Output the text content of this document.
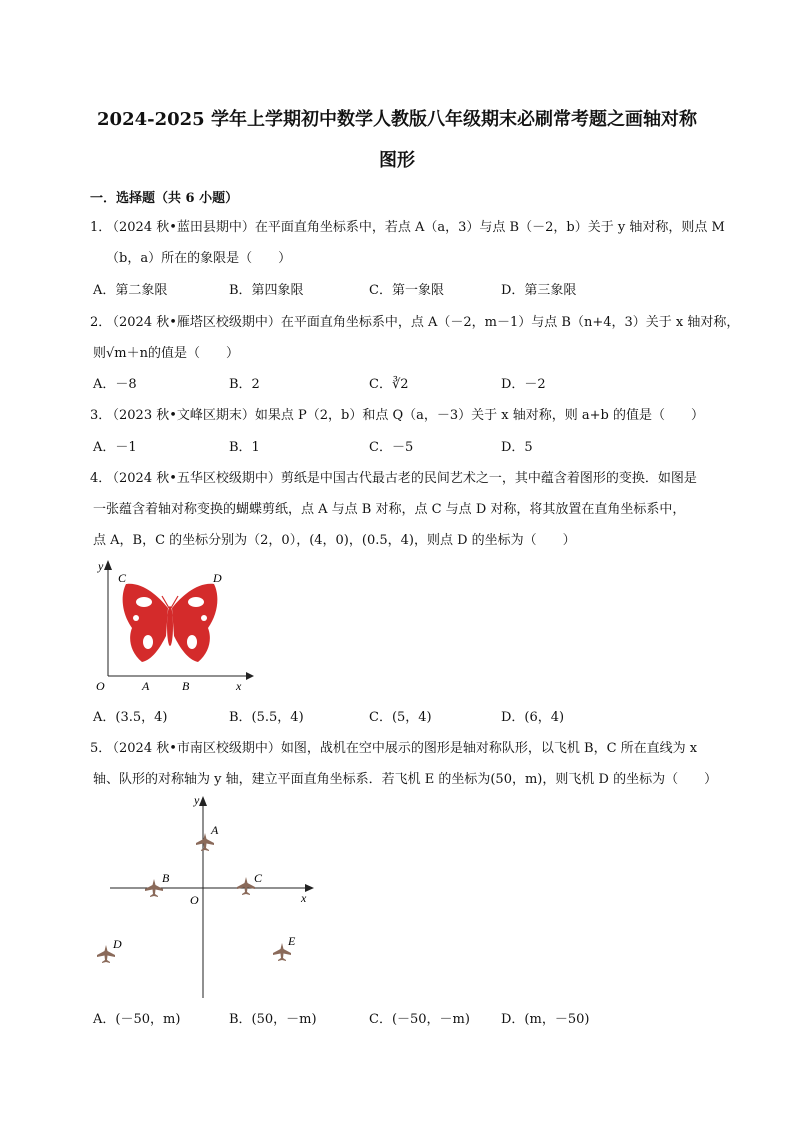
2024-2025 学年上学期初中数学人教版八年级期末必刷常考题之画轴对称
图形
一．选择题（共 6 小题）
1．
（2024 秋•蓝田县期中）在平面直角坐标系中，若点 A（a，3）与点 B（－2，b）关于 y 轴对称，则点 M
（b，a）所在的象限是（　　）
A．第二象限	B．第四象限	C．第一象限	D．第三象限
2．
（2024 秋•雁塔区校级期中）在平面直角坐标系中，点 A（－2，m－1）与点 B（n+4，3）关于 x 轴对称，
则√m＋n的值是（　　）
A．－8	B．2	C．∛2	D．－2
3．
（2023 秋•文峰区期末）如果点 P（2，b）和点 Q（a，－3）关于 x 轴对称，则 a+b 的值是（　　）
A．－1	B．1	C．－5	D．5
4．
（2024 秋•五华区校级期中）剪纸是中国古代最古老的民间艺术之一，其中蕴含着图形的变换．如图是
一张蕴含着轴对称变换的蝴蝶剪纸，点 A 与点 B 对称，点 C 与点 D 对称，将其放置在直角坐标系中，
点 A，B，C 的坐标分别为（2，0），(4，0)，(0.5，4)，则点 D 的坐标为（　　）
y
x
O	A	B
C	D
A．(3.5，4)	B．(5.5，4)	C．(5，4)	D．(6，4)
5．
（2024 秋•市南区校级期中）如图，战机在空中展示的图形是轴对称队形，以飞机 B，C 所在直线为 x
轴、队形的对称轴为 y 轴，建立平面直角坐标系．若飞机 E 的坐标为(50，m)，则飞机 D 的坐标为（　　）
y
x
O
A
B	C
D	E
A．(－50，m)	B．(50，－m)	C．(－50，－m) D．(m，－50)
